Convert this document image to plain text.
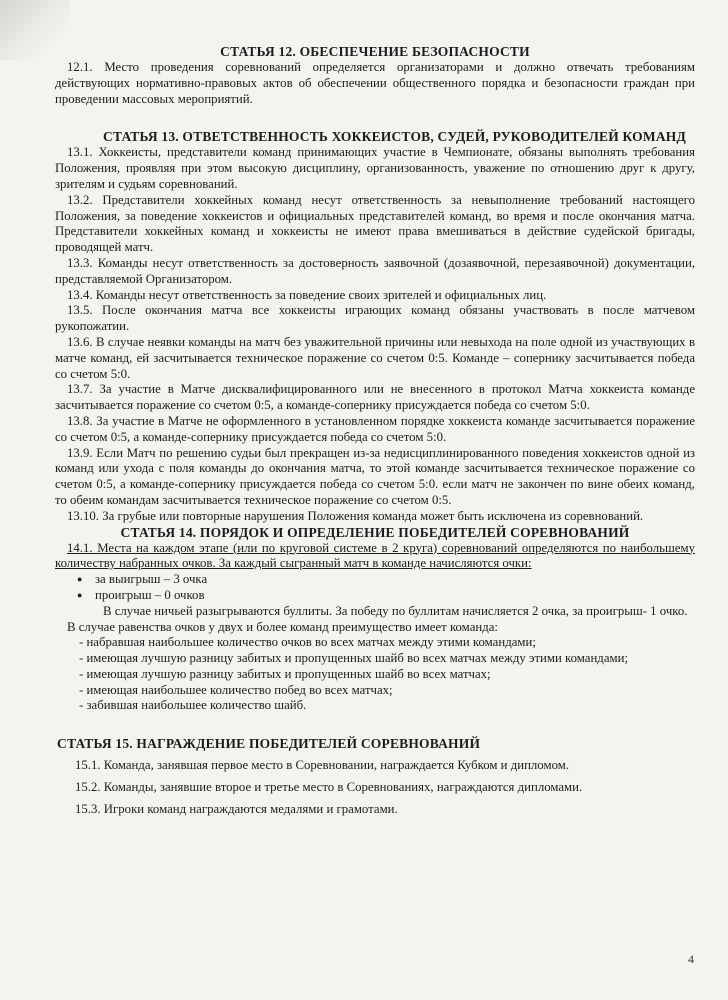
СТАТЬЯ 12. ОБЕСПЕЧЕНИЕ БЕЗОПАСНОСТИ

12.1. Место проведения соревнований определяется организаторами и должно отвечать требованиям действующих нормативно-правовых актов об обеспечении общественного порядка и безопасности граждан при проведении массовых мероприятий.

СТАТЬЯ 13. ОТВЕТСТВЕННОСТЬ ХОККЕИСТОВ, СУДЕЙ, РУКОВОДИТЕЛЕЙ КОМАНД

13.1. Хоккеисты, представители команд принимающих участие в Чемпионате, обязаны выполнять требования Положения, проявляя при этом высокую дисциплину, организованность, уважение по отношению друг к другу, зрителям и судьям соревнований.

13.2. Представители хоккейных команд несут ответственность за невыполнение требований настоящего Положения, за поведение хоккеистов и официальных представителей команд, во время и после окончания матча. Представители хоккейных команд и хоккеисты не имеют права вмешиваться в действие судейской бригады, проводящей матч.

13.3. Команды несут ответственность за достоверность заявочной (дозаявочной, перезаявочной) документации, представляемой Организатором.

13.4. Команды несут ответственность за поведение своих зрителей и официальных лиц.

13.5. После окончания матча все хоккеисты играющих команд обязаны участвовать в после матчевом рукопожатии.

13.6. В случае неявки команды на матч без уважительной причины или невыхода на поле одной из участвующих в матче команд, ей засчитывается техническое поражение со счетом 0:5. Команде – сопернику засчитывается победа со счетом 5:0.

13.7. За участие в Матче дисквалифицированного или не внесенного в протокол Матча хоккеиста команде засчитывается поражение со счетом 0:5, а команде-сопернику присуждается победа со счетом 5:0.

13.8. За участие в Матче не оформленного в установленном порядке хоккеиста команде засчитывается поражение со счетом 0:5, а команде-сопернику присуждается победа со счетом 5:0.

13.9. Если Матч по решению судьи был прекращен из-за недисциплинированного поведения хоккеистов одной из команд или ухода с поля команды до окончания матча, то этой команде засчитывается техническое поражение со счетом 0:5, а команде-сопернику присуждается победа со счетом 5:0. если матч не закончен по вине обеих команд, то обеим командам засчитывается техническое поражение со счетом 0:5.

13.10. За грубые или повторные нарушения Положения команда может быть исключена из соревнований.

СТАТЬЯ 14. ПОРЯДОК И ОПРЕДЕЛЕНИЕ ПОБЕДИТЕЛЕЙ СОРЕВНОВАНИЙ

14.1. Места на каждом этапе (или по круговой системе в 2 круга) соревнований определяются по наибольшему количеству набранных очков. За каждый сыгранный матч в команде начисляются очки:

● за выигрыш – 3 очка
● проигрыш – 0 очков

В случае ничьей разыгрываются буллиты. За победу по буллитам начисляется 2 очка, за проигрыш- 1 очко.

В случае равенства очков у двух и более команд преимущество имеет команда:

- набравшая наибольшее количество очков во всех матчах между этими командами;

- имеющая лучшую разницу забитых и пропущенных шайб во всех матчах между этими командами;

- имеющая лучшую разницу забитых и пропущенных шайб во всех матчах;

- имеющая наибольшее количество побед во всех матчах;

- забившая наибольшее количество шайб.

СТАТЬЯ 15. НАГРАЖДЕНИЕ ПОБЕДИТЕЛЕЙ СОРЕВНОВАНИЙ

15.1. Команда, занявшая первое место в Соревновании, награждается Кубком и дипломом.

15.2. Команды, занявшие второе и третье место в Соревнованиях, награждаются дипломами.

15.3. Игроки команд награждаются медалями и грамотами.

4
